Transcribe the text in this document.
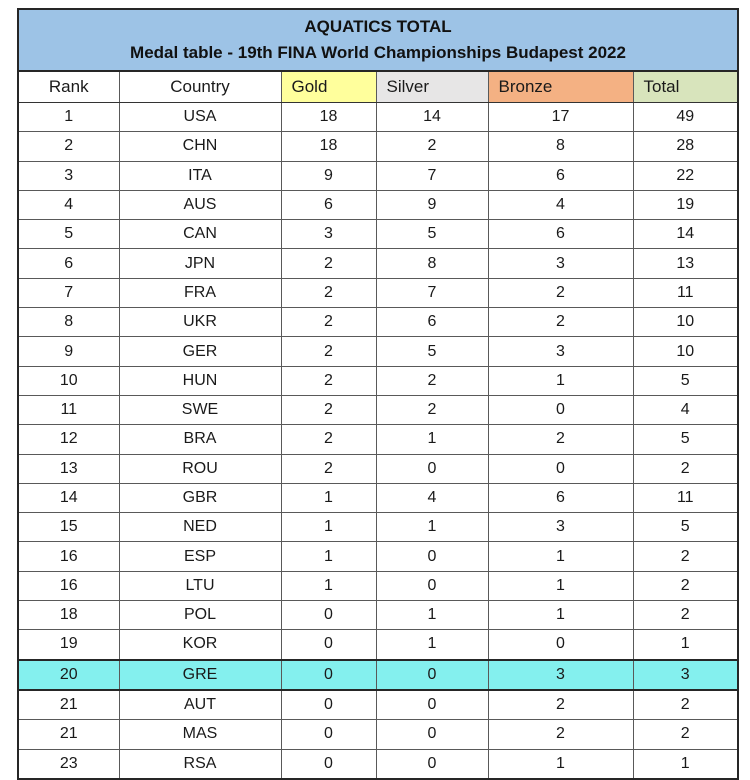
AQUATICS TOTAL
Medal table - 19th FINA World Championships Budapest 2022					

Rank	Country	Gold	Silver	Bronze	Total
1	USA	18	14	17	49
2	CHN	18	2	8	28
3	ITA	9	7	6	22
4	AUS	6	9	4	19
5	CAN	3	5	6	14
6	JPN	2	8	3	13
7	FRA	2	7	2	11
8	UKR	2	6	2	10
9	GER	2	5	3	10
10	HUN	2	2	1	5
11	SWE	2	2	0	4
12	BRA	2	1	2	5
13	ROU	2	0	0	2
14	GBR	1	4	6	11
15	NED	1	1	3	5
16	ESP	1	0	1	2
16	LTU	1	0	1	2
18	POL	0	1	1	2
19	KOR	0	1	0	1
20	GRE	0	0	3	3
21	AUT	0	0	2	2
21	MAS	0	0	2	2
23	RSA	0	0	1	1
